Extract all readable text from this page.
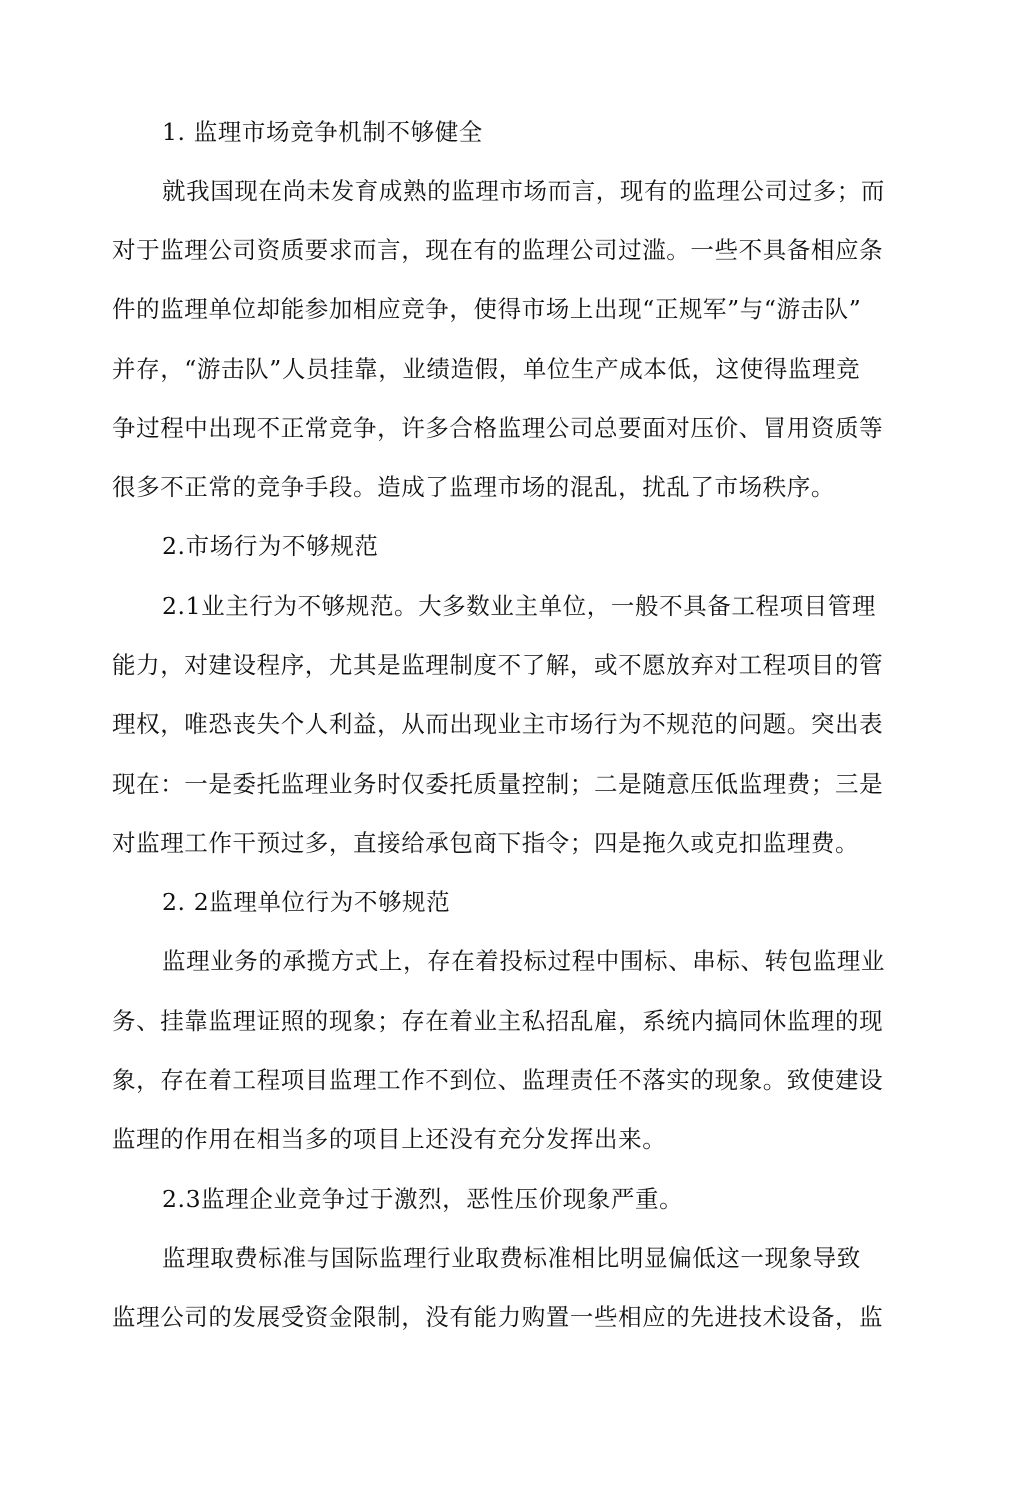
1. 监理市场竞争机制不够健全
就我国现在尚未发育成熟的监理市场而言，现有的监理公司过多；而
对于监理公司资质要求而言，现在有的监理公司过滥。一些不具备相应条
件的监理单位却能参加相应竞争，使得市场上出现“正规军”与“游击队”
并存，“游击队”人员挂靠，业绩造假，单位生产成本低，这使得监理竞
争过程中出现不正常竞争，许多合格监理公司总要面对压价、冒用资质等
很多不正常的竞争手段。造成了监理市场的混乱，扰乱了市场秩序。
2.市场行为不够规范
2.1业主行为不够规范。大多数业主单位，一般不具备工程项目管理
能力，对建设程序，尤其是监理制度不了解，或不愿放弃对工程项目的管
理权，唯恐丧失个人利益，从而出现业主市场行为不规范的问题。突出表
现在：一是委托监理业务时仅委托质量控制；二是随意压低监理费；三是
对监理工作干预过多，直接给承包商下指令；四是拖久或克扣监理费。
2. 2监理单位行为不够规范
监理业务的承揽方式上，存在着投标过程中围标、串标、转包监理业
务、挂靠监理证照的现象；存在着业主私招乱雇，系统内搞同休监理的现
象，存在着工程项目监理工作不到位、监理责任不落实的现象。致使建设
监理的作用在相当多的项目上还没有充分发挥出来。
2.3监理企业竞争过于激烈，恶性压价现象严重。
监理取费标准与国际监理行业取费标准相比明显偏低这一现象导致
监理公司的发展受资金限制，没有能力购置一些相应的先进技术设备，监
